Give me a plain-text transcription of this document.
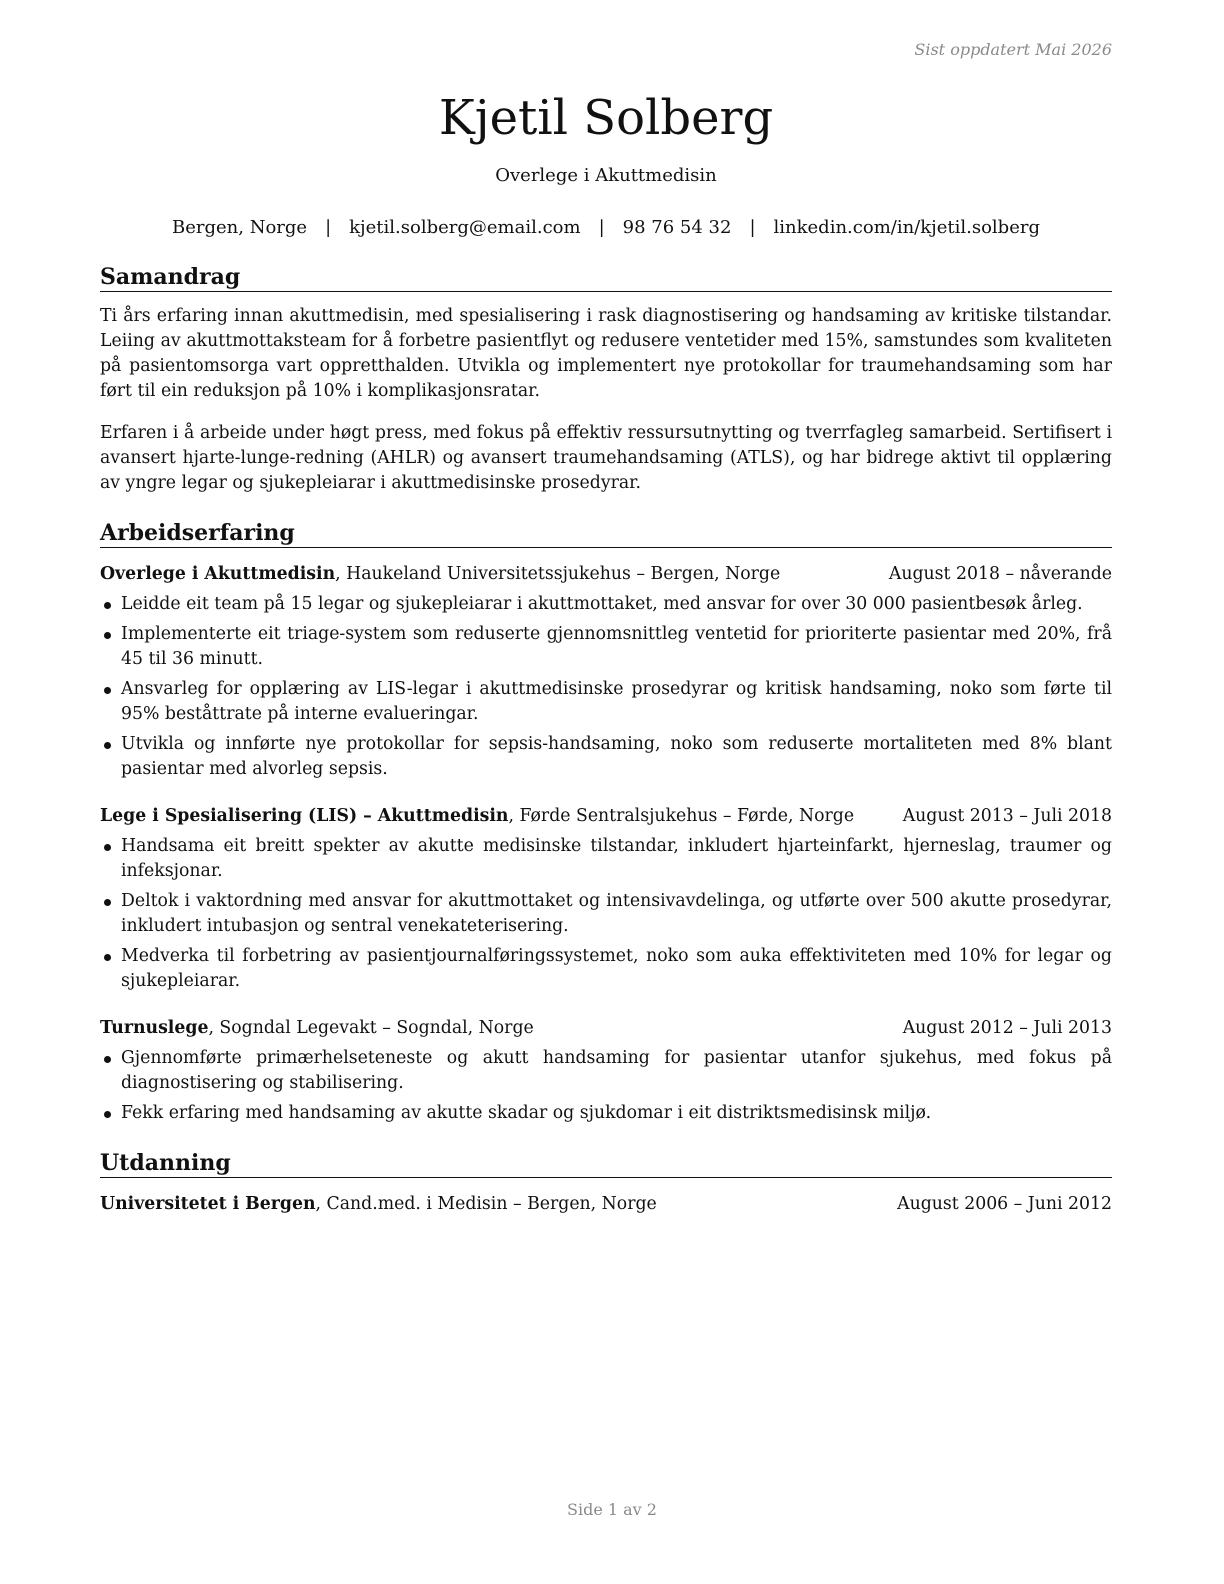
Sist oppdatert Mai 2026
Kjetil Solberg
Overlege i Akuttmedisin
Bergen, Norge | kjetil.solberg@email.com | 98 76 54 32 | linkedin.com/in/kjetil.solberg
Samandrag

Ti års erfaring innan akuttmedisin, med spesialisering i rask diagnostisering og handsaming av kritiske tilstandar. Leiing av akuttmottaksteam for å forbetre pasientflyt og redusere ventetider med 15%, samstundes som kvaliteten på pasientomsorga vart oppretthalden. Utvikla og implementert nye protokollar for traumehandsaming som har ført til ein reduksjon på 10% i komplikasjonsratar.

Erfaren i å arbeide under høgt press, med fokus på effektiv ressursutnytting og tverrfagleg samarbeid. Sertifisert i avansert hjarte-lunge-redning (AHLR) og avansert traumehandsaming (ATLS), og har bidrege aktivt til opplæring av yngre legar og sjukepleiarar i akuttmedisinske prosedyrar.

Arbeidserfaring
Overlege i Akuttmedisin, Haukeland Universitetssjukehus – Bergen, Norge	August 2018 – nåverande
Leidde eit team på 15 legar og sjukepleiarar i akuttmottaket, med ansvar for over 30 000 pasientbesøk årleg.
Implementerte eit triage-system som reduserte gjennomsnittleg ventetid for prioriterte pasientar med 20%, frå 45 til 36 minutt.
Ansvarleg for opplæring av LIS-legar i akuttmedisinske prosedyrar og kritisk handsaming, noko som førte til 95% beståttrate på interne evalueringar.
Utvikla og innførte nye protokollar for sepsis-handsaming, noko som reduserte mortaliteten med 8% blant pasientar med alvorleg sepsis.
Lege i Spesialisering (LIS) – Akuttmedisin, Førde Sentralsjukehus – Førde, Norge	August 2013 – Juli 2018
Handsama eit breitt spekter av akutte medisinske tilstandar, inkludert hjarteinfarkt, hjerneslag, traumer og infeksjonar.
Deltok i vaktordning med ansvar for akuttmottaket og intensivavdelinga, og utførte over 500 akutte prosedyrar, inkludert intubasjon og sentral venekateterisering.
Medverka til forbetring av pasientjournalføringssystemet, noko som auka effektiviteten med 10% for legar og sjukepleiarar.
Turnuslege, Sogndal Legevakt – Sogndal, Norge	August 2012 – Juli 2013
Gjennomførte primærhelseteneste og akutt handsaming for pasientar utanfor sjukehus, med fokus på diagnostisering og stabilisering.
Fekk erfaring med handsaming av akutte skadar og sjukdomar i eit distriktsmedisinsk miljø.
Utdanning
Universitetet i Bergen, Cand.med. i Medisin – Bergen, Norge	August 2006 – Juni 2012
Side 1 av 2
